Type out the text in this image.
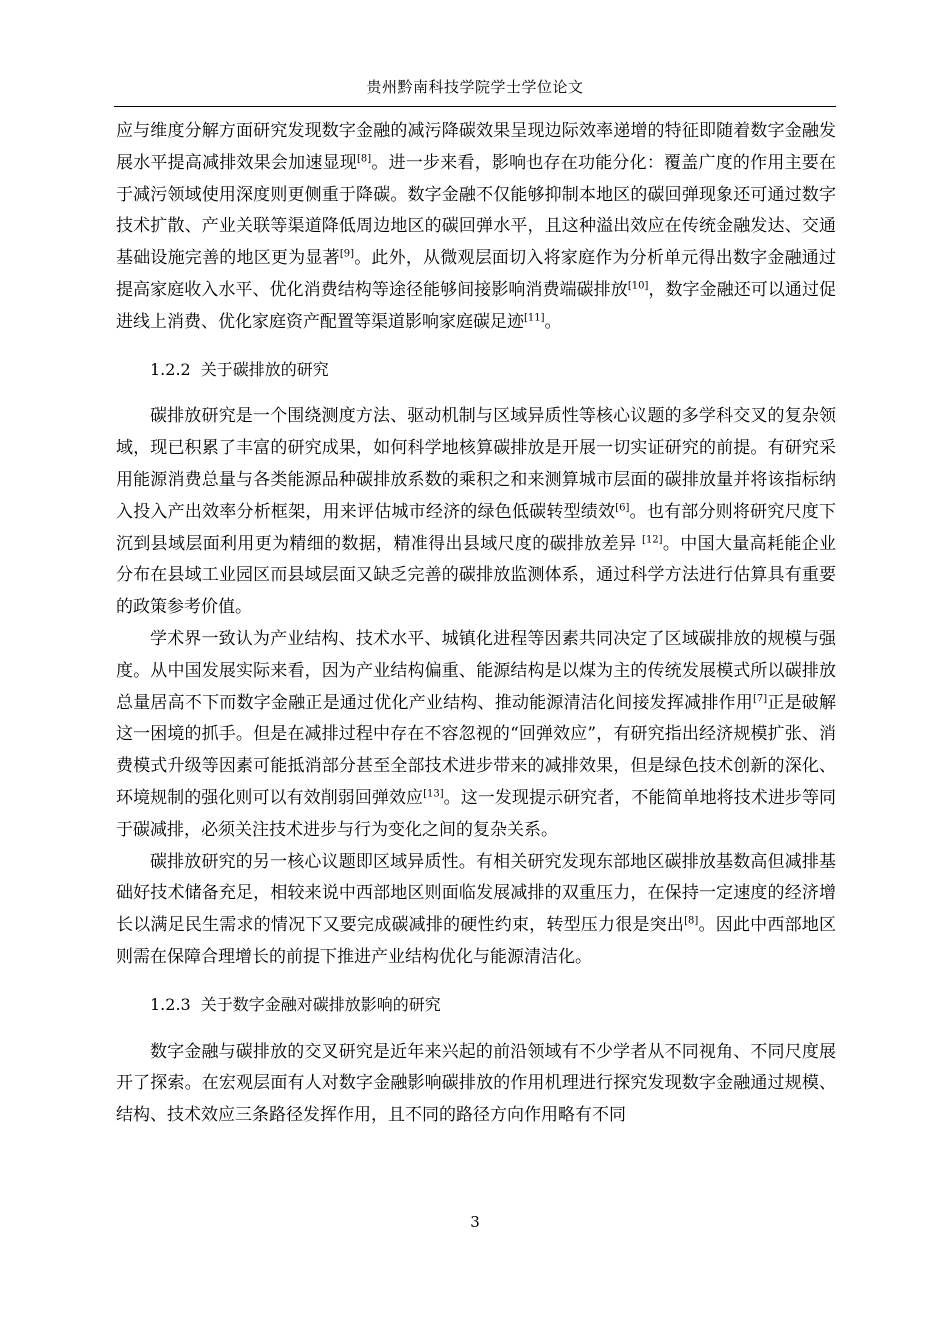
贵州黔南科技学院学士学位论文

应与维度分解方面研究发现数字金融的减污降碳效果呈现边际效率递增的特征即随着数字金融发展水平提高减排效果会加速显现[8]。进一步来看，影响也存在功能分化：覆盖广度的作用主要在于减污领域使用深度则更侧重于降碳。数字金融不仅能够抑制本地区的碳回弹现象还可通过数字技术扩散、产业关联等渠道降低周边地区的碳回弹水平，且这种溢出效应在传统金融发达、交通基础设施完善的地区更为显著[9]。此外，从微观层面切入将家庭作为分析单元得出数字金融通过提高家庭收入水平、优化消费结构等途径能够间接影响消费端碳排放[10]，数字金融还可以通过促进线上消费、优化家庭资产配置等渠道影响家庭碳足迹[11]。

1.2.2 关于碳排放的研究

碳排放研究是一个围绕测度方法、驱动机制与区域异质性等核心议题的多学科交叉的复杂领域，现已积累了丰富的研究成果，如何科学地核算碳排放是开展一切实证研究的前提。有研究采用能源消费总量与各类能源品种碳排放系数的乘积之和来测算城市层面的碳排放量并将该指标纳入投入产出效率分析框架，用来评估城市经济的绿色低碳转型绩效[6]。也有部分则将研究尺度下沉到县域层面利用更为精细的数据，精准得出县域尺度的碳排放差异 [12]。中国大量高耗能企业分布在县域工业园区而县域层面又缺乏完善的碳排放监测体系，通过科学方法进行估算具有重要的政策参考价值。

学术界一致认为产业结构、技术水平、城镇化进程等因素共同决定了区域碳排放的规模与强度。从中国发展实际来看，因为产业结构偏重、能源结构是以煤为主的传统发展模式所以碳排放总量居高不下而数字金融正是通过优化产业结构、推动能源清洁化间接发挥减排作用[7]正是破解这一困境的抓手。但是在减排过程中存在不容忽视的“回弹效应”，有研究指出经济规模扩张、消费模式升级等因素可能抵消部分甚至全部技术进步带来的减排效果，但是绿色技术创新的深化、环境规制的强化则可以有效削弱回弹效应[13]。这一发现提示研究者，不能简单地将技术进步等同于碳减排，必须关注技术进步与行为变化之间的复杂关系。

碳排放研究的另一核心议题即区域异质性。有相关研究发现东部地区碳排放基数高但减排基础好技术储备充足，相较来说中西部地区则面临发展减排的双重压力，在保持一定速度的经济增长以满足民生需求的情况下又要完成碳减排的硬性约束，转型压力很是突出[8]。因此中西部地区则需在保障合理增长的前提下推进产业结构优化与能源清洁化。

1.2.3 关于数字金融对碳排放影响的研究

数字金融与碳排放的交叉研究是近年来兴起的前沿领域有不少学者从不同视角、不同尺度展开了探索。在宏观层面有人对数字金融影响碳排放的作用机理进行探究发现数字金融通过规模、结构、技术效应三条路径发挥作用，且不同的路径方向作用略有不同

3
